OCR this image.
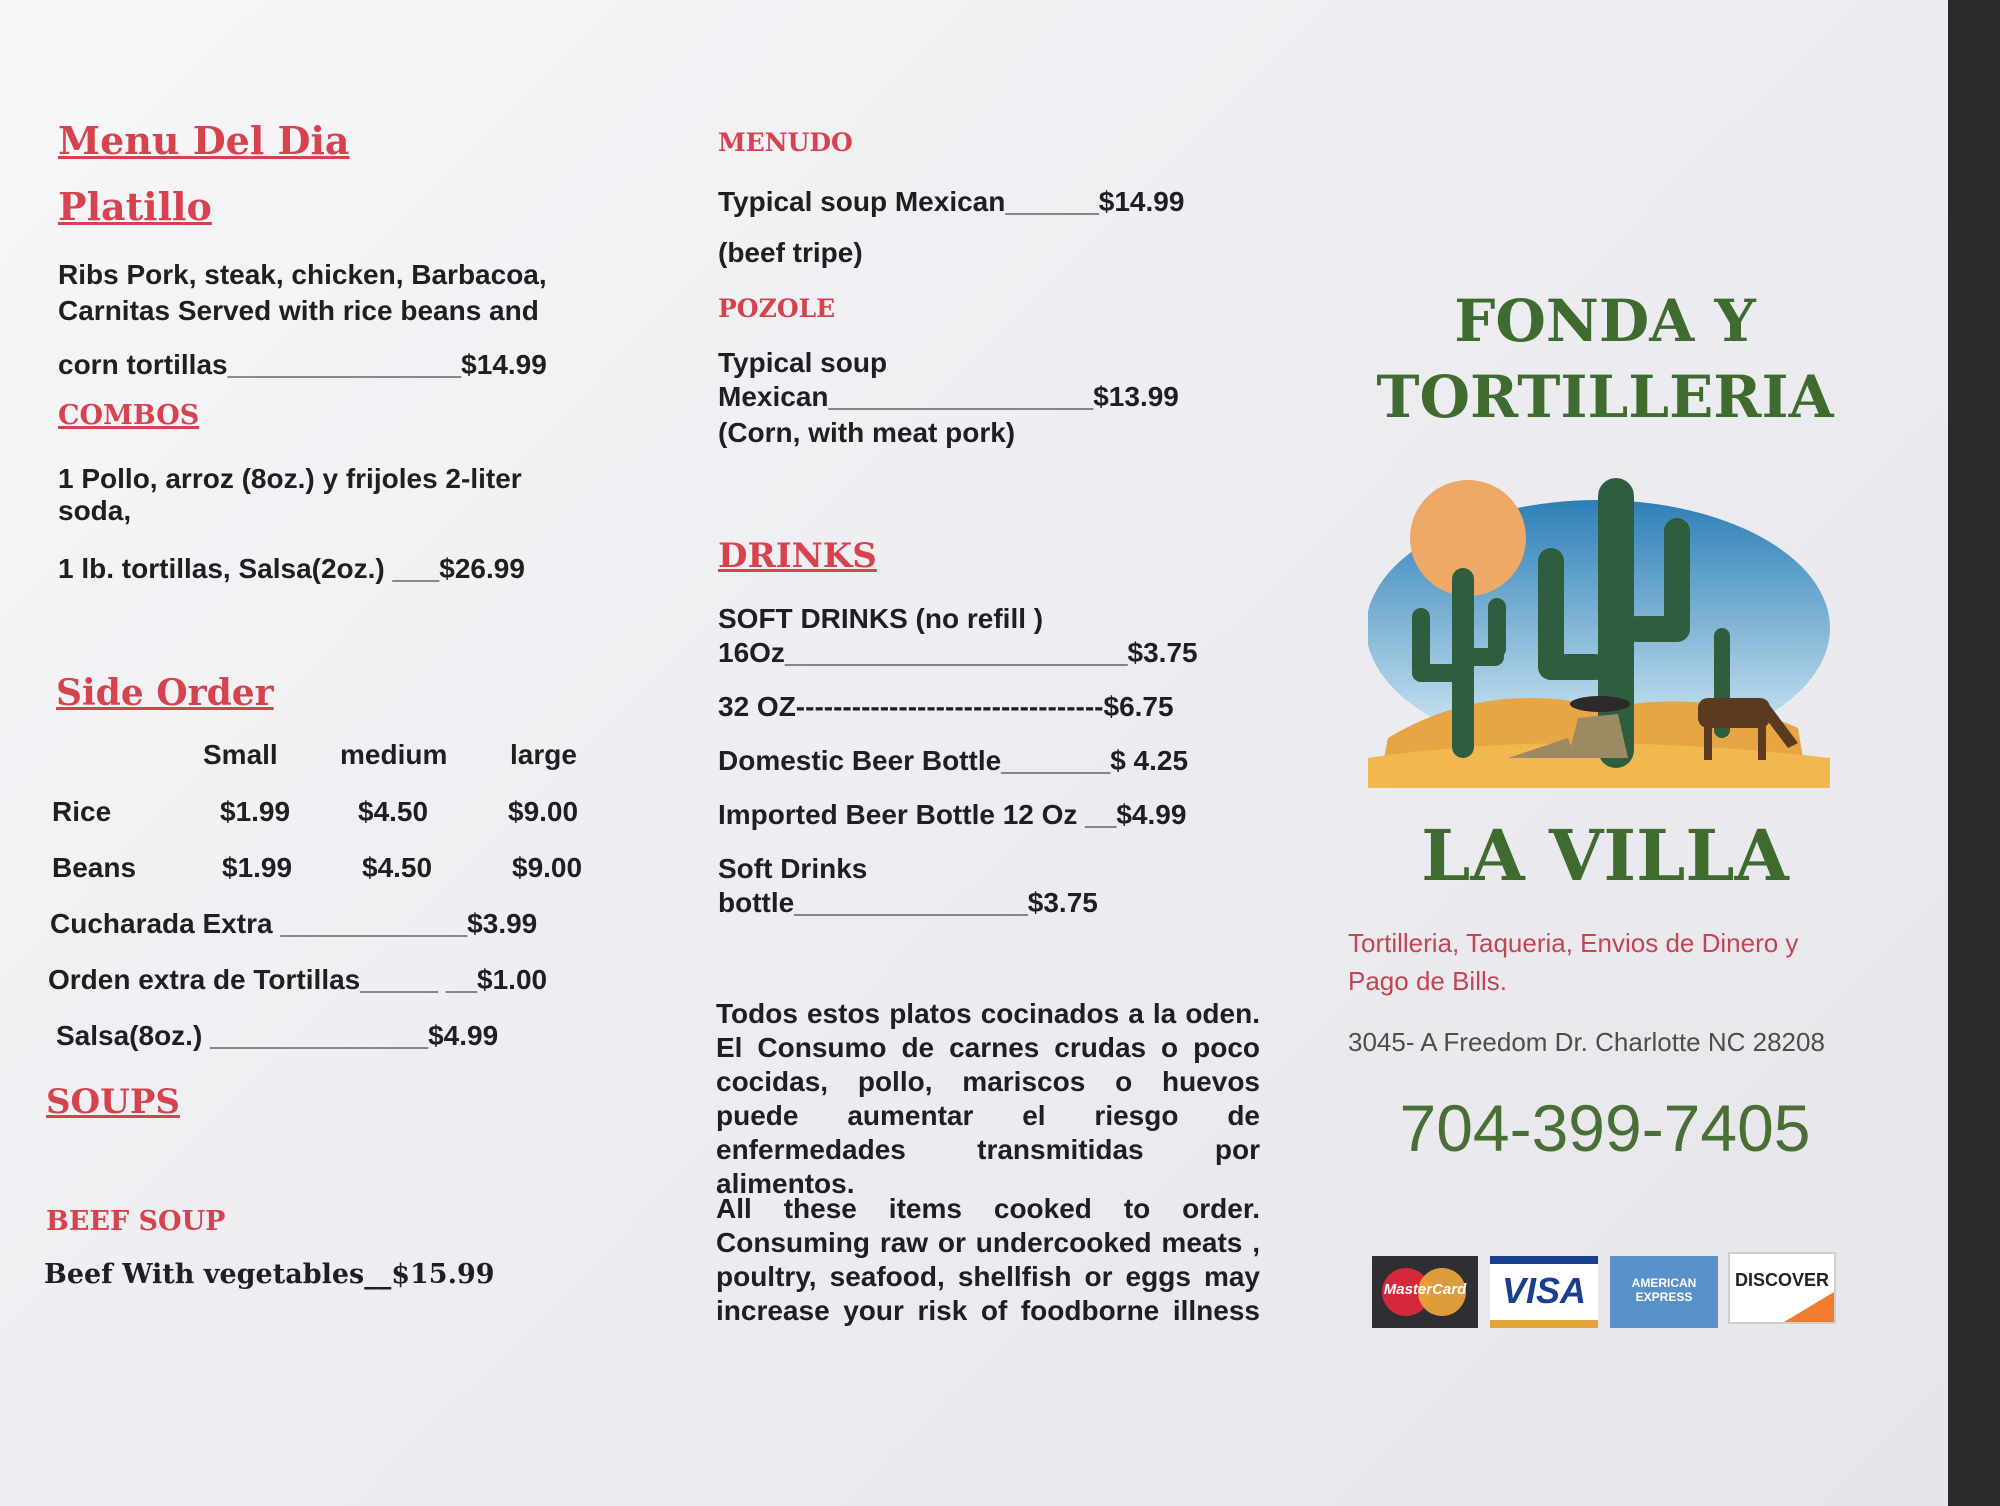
Menu Del Dia
Platillo

Ribs Pork, steak, chicken, Barbacoa,

Carnitas Served with rice beans and

corn tortillas_______________$14.99

COMBOS

1 Pollo, arroz (8oz.) y frijoles 2-liter

soda,

1 lb. tortillas, Salsa(2oz.) ___$26.99

Side Order
Small medium large
Rice	$1.99 $4.50	$9.00
Beans	$1.99 $4.50	$9.00

Cucharada Extra ____________$3.99

Orden extra de Tortillas_____ __$1.00

Salsa(8oz.) ______________$4.99

SOUPS
BEEF SOUP

Beef With vegetables__$15.99

MENUDO

Typical soup Mexican______$14.99

(beef tripe)

POZOLE

Typical soup

Mexican_________________$13.99

(Corn, with meat pork)

DRINKS

SOFT DRINKS (no refill )

16Oz______________________$3.75

32 OZ---------------------------------$6.75

Domestic Beer Bottle_______$ 4.25

Imported Beer Bottle 12 Oz __$4.99

Soft Drinks

bottle_______________$3.75

Todos estos platos cocinados a la oden. El Consumo de carnes crudas o poco cocidas, pollo, mariscos o huevos puede aumentar el riesgo de enfermedades transmitidas por alimentos.

All these items cooked to order. Consuming raw or undercooked meats , poultry, seafood, shellfish or eggs may increase your risk of foodborne illness

FONDA Y
TORTILLERIA
LA VILLA

Tortilleria, Taqueria, Envios de Dinero y

Pago de Bills.

3045- A Freedom Dr. Charlotte NC 28208

704-399-7405

MasterCard VISA	AMERICAN EXPRESS
DISCOVER
